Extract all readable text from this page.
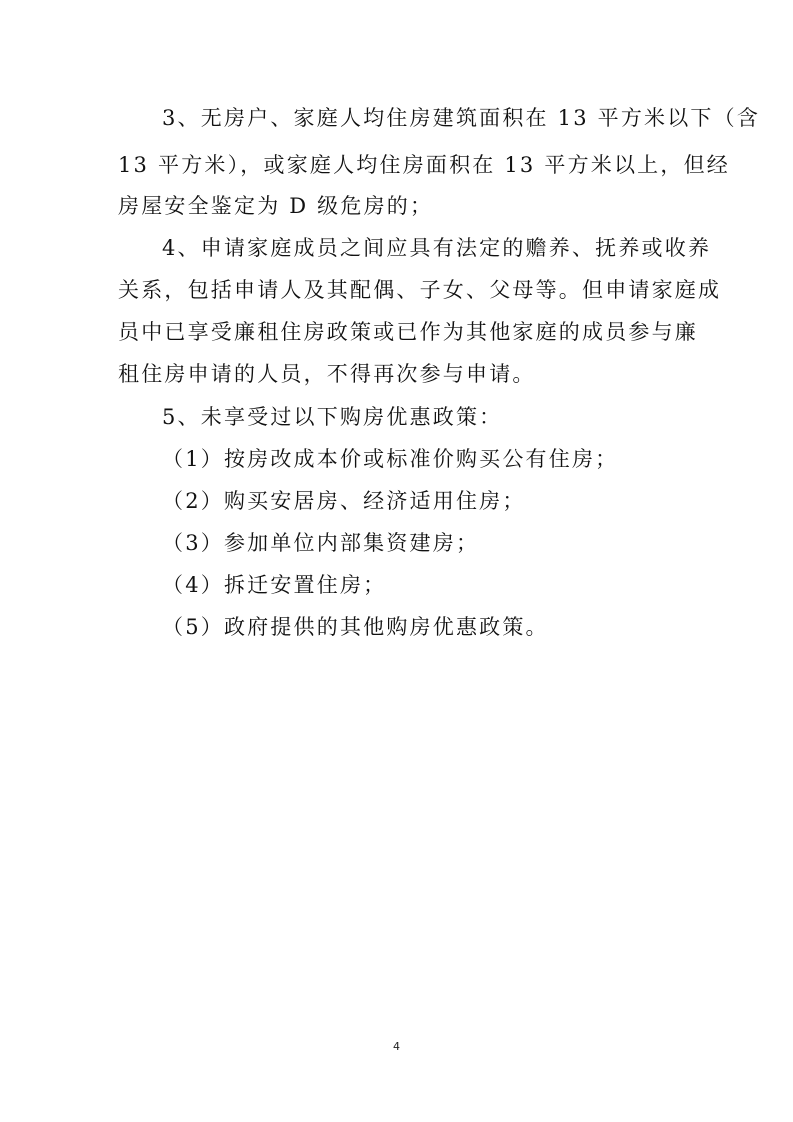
3、无房户、家庭人均住房建筑面积在 13 平方米以下（含
13 平方米），或家庭人均住房面积在 13 平方米以上，但经
房屋安全鉴定为 D 级危房的；
4、申请家庭成员之间应具有法定的赡养、抚养或收养
关系，包括申请人及其配偶、子女、父母等。但申请家庭成
员中已享受廉租住房政策或已作为其他家庭的成员参与廉
租住房申请的人员，不得再次参与申请。
5、未享受过以下购房优惠政策：
（1）按房改成本价或标准价购买公有住房；
（2）购买安居房、经济适用住房；
（3）参加单位内部集资建房；
（4）拆迁安置住房；
（5）政府提供的其他购房优惠政策。
4
